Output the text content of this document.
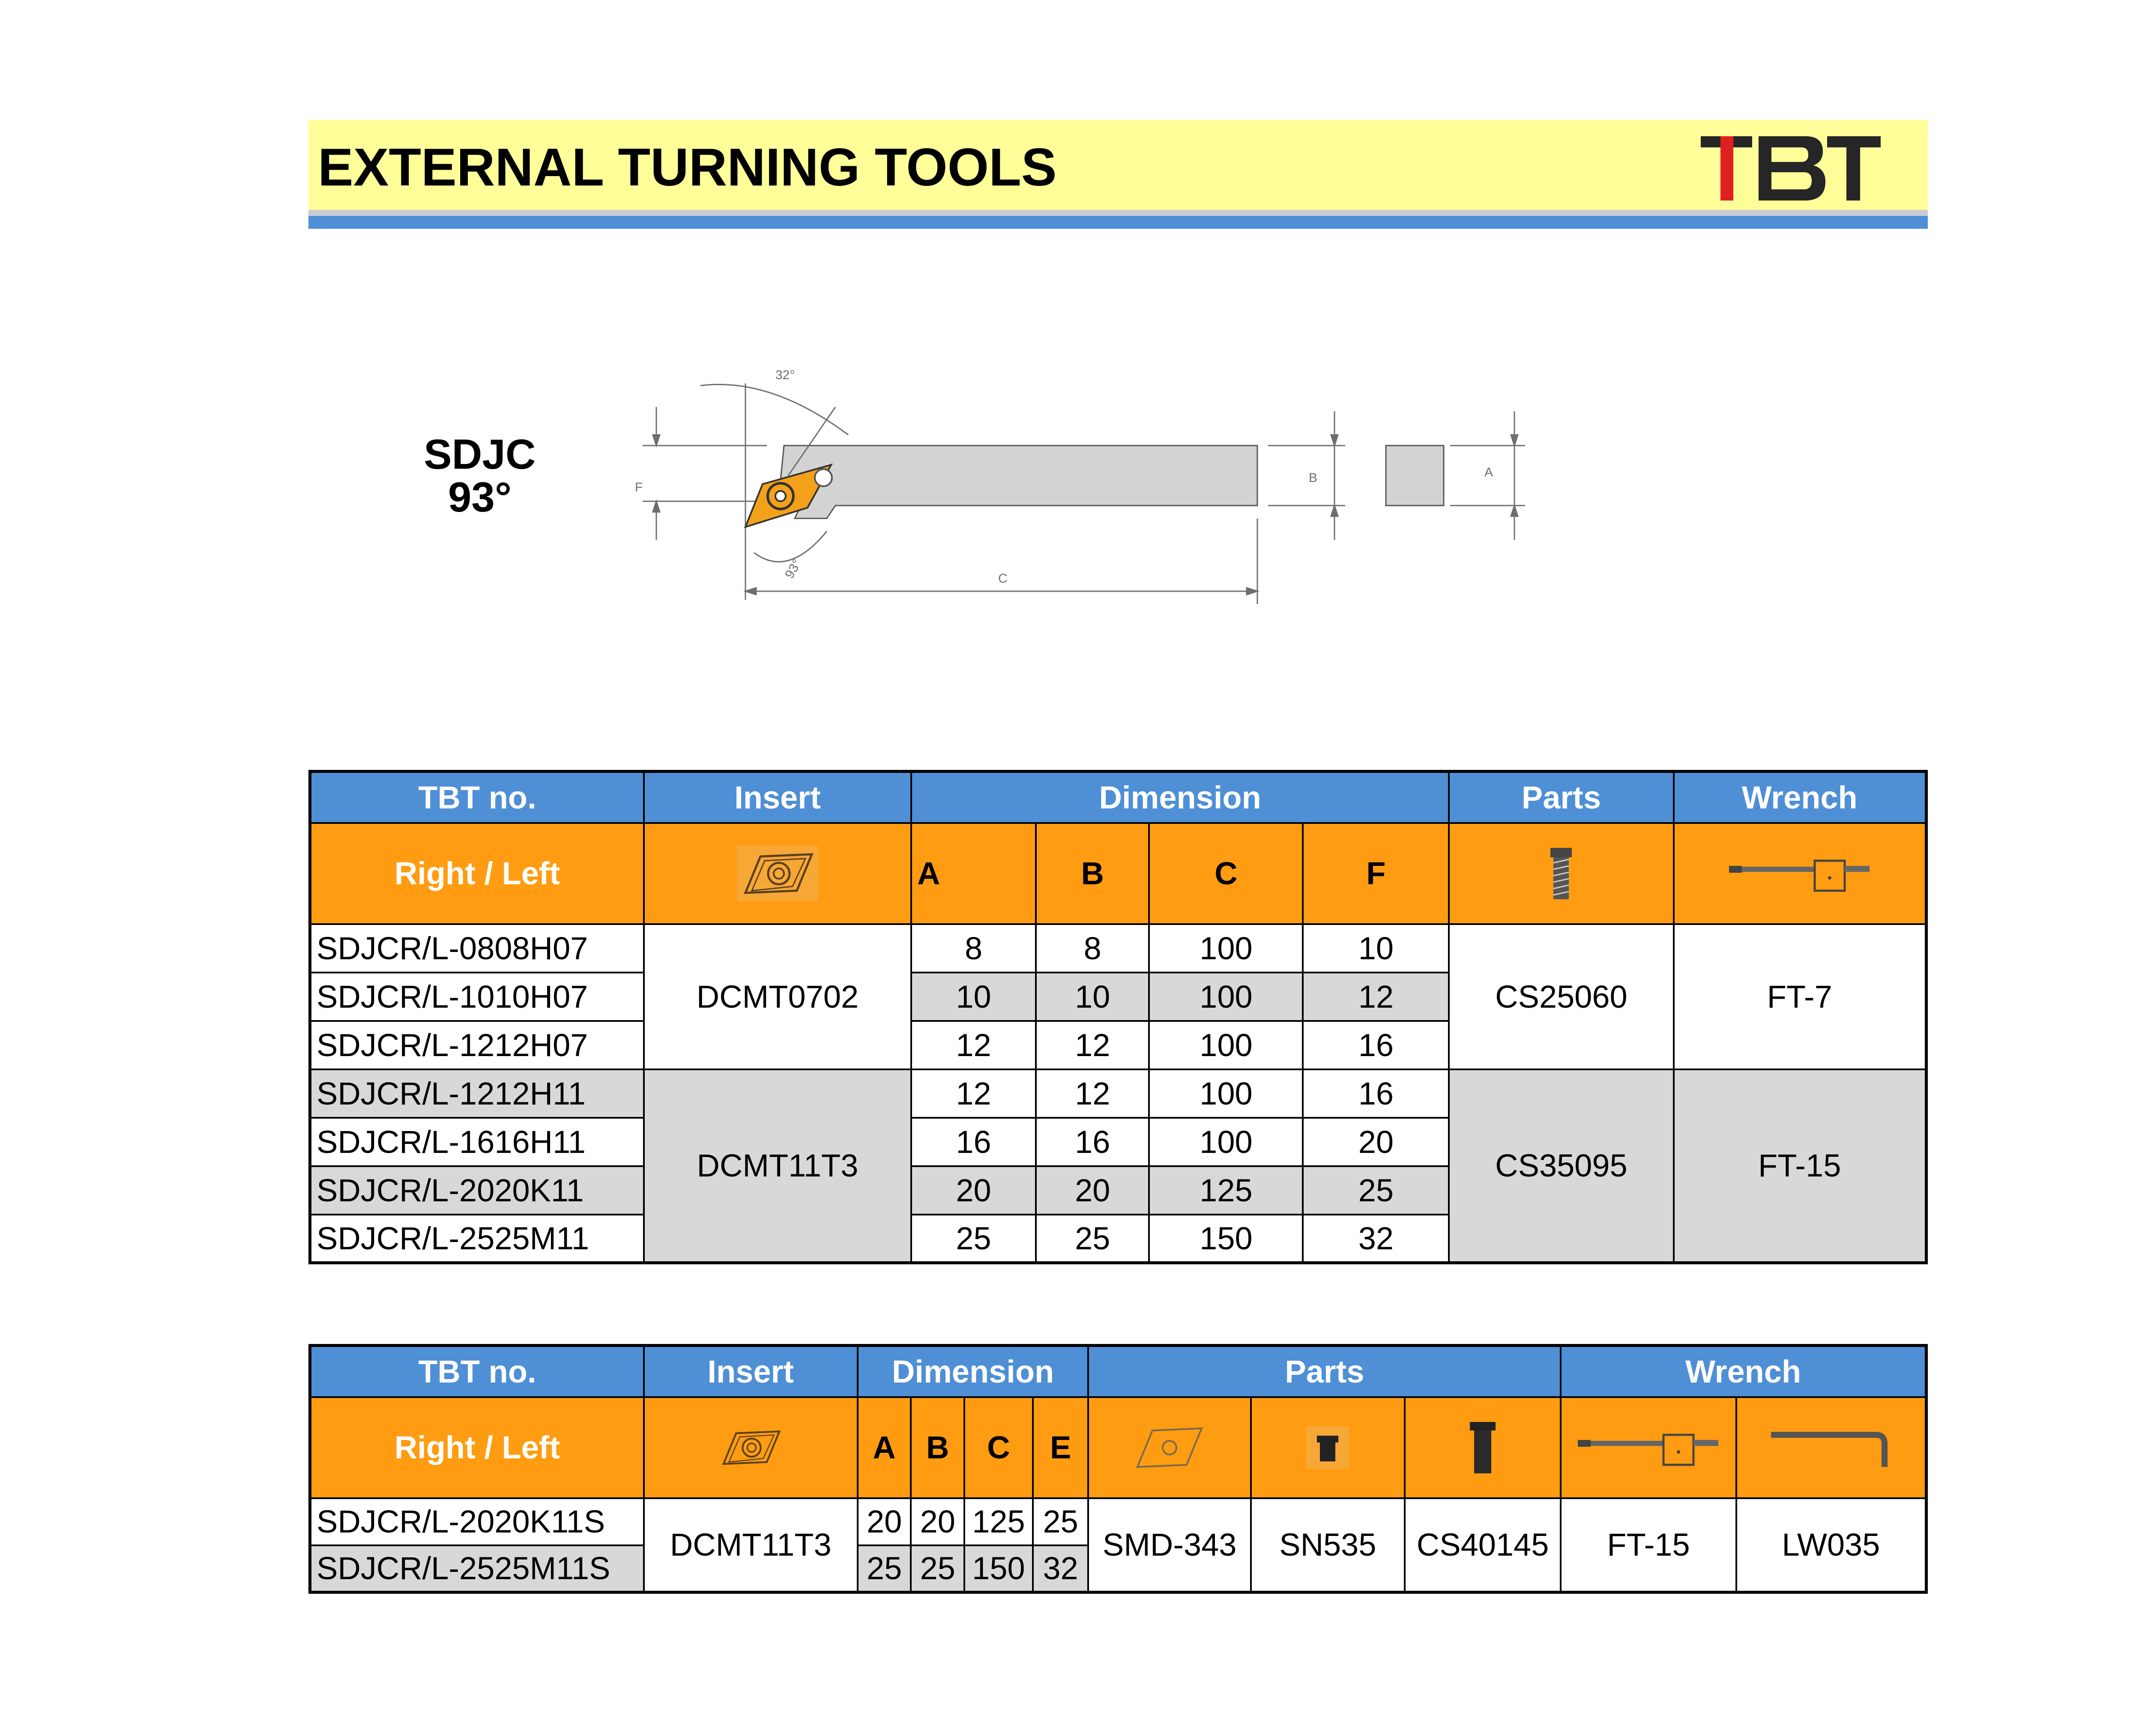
EXTERNAL TURNING TOOLS
SDJC
93°
32°
93°
F
B
C
A
TBT no.	Insert	Dimension				Parts	Wrench
Right / Left		A	B	C	F	

SDJCR/L-0808H07	DCMT0702	8	8	100	10	CS25060	FT-7
SDJCR/L-1010H07		10	10	100	12		
SDJCR/L-1212H07		12	12	100	16		
SDJCR/L-1212H11	DCMT11T3	12	12	100	16	CS35095	FT-15
SDJCR/L-1616H11		16	16	100	20		
SDJCR/L-2020K11		20	20	125	25		
SDJCR/L-2525M11		25	25	150	32		
TBT no.	Insert	Dimension				Parts			Wrench	
Right / Left		A	B	C	E	

SDJCR/L-2020K11S	DCMT11T3	20	20	125	25	SMD-343	SN535	CS40145	FT-15	LW035
SDJCR/L-2525M11S		25	25	150	32					
